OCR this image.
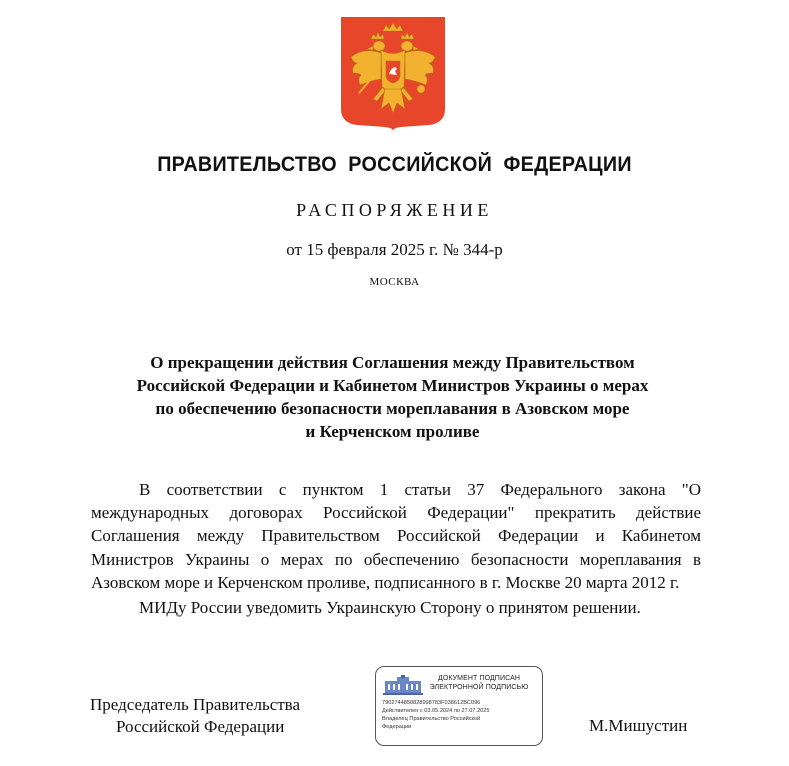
ПРАВИТЕЛЬСТВО РОССИЙСКОЙ ФЕДЕРАЦИИ
РАСПОРЯЖЕНИЕ
от 15 февраля 2025 г. № 344-р
МОСКВА
О прекращении действия Соглашения между Правительством
Российской Федерации и Кабинетом Министров Украины о мерах
по обеспечению безопасности мореплавания в Азовском море
и Керченском проливе

В соответствии с пунктом 1 статьи 37 Федерального закона "О международных договорах Российской Федерации" прекратить действие Соглашения между Правительством Российской Федерации и Кабинетом Министров Украины о мерах по обеспечению безопасности мореплавания в Азовском море и Керченском проливе, подписанного в г. Москве 20 марта 2012 г.

МИДу России уведомить Украинскую Сторону о принятом решении.

Председатель Правительства
Российской Федерации
ДОКУМЕНТ ПОДПИСАН
ЭЛЕКТРОННОЙ ПОДПИСЬЮ
7902744850828998783F038612BC096
Действителен с 03.05.2024 по 27.07.2025
Владелец Правительство Российской
Федерации	М.Мишустин
